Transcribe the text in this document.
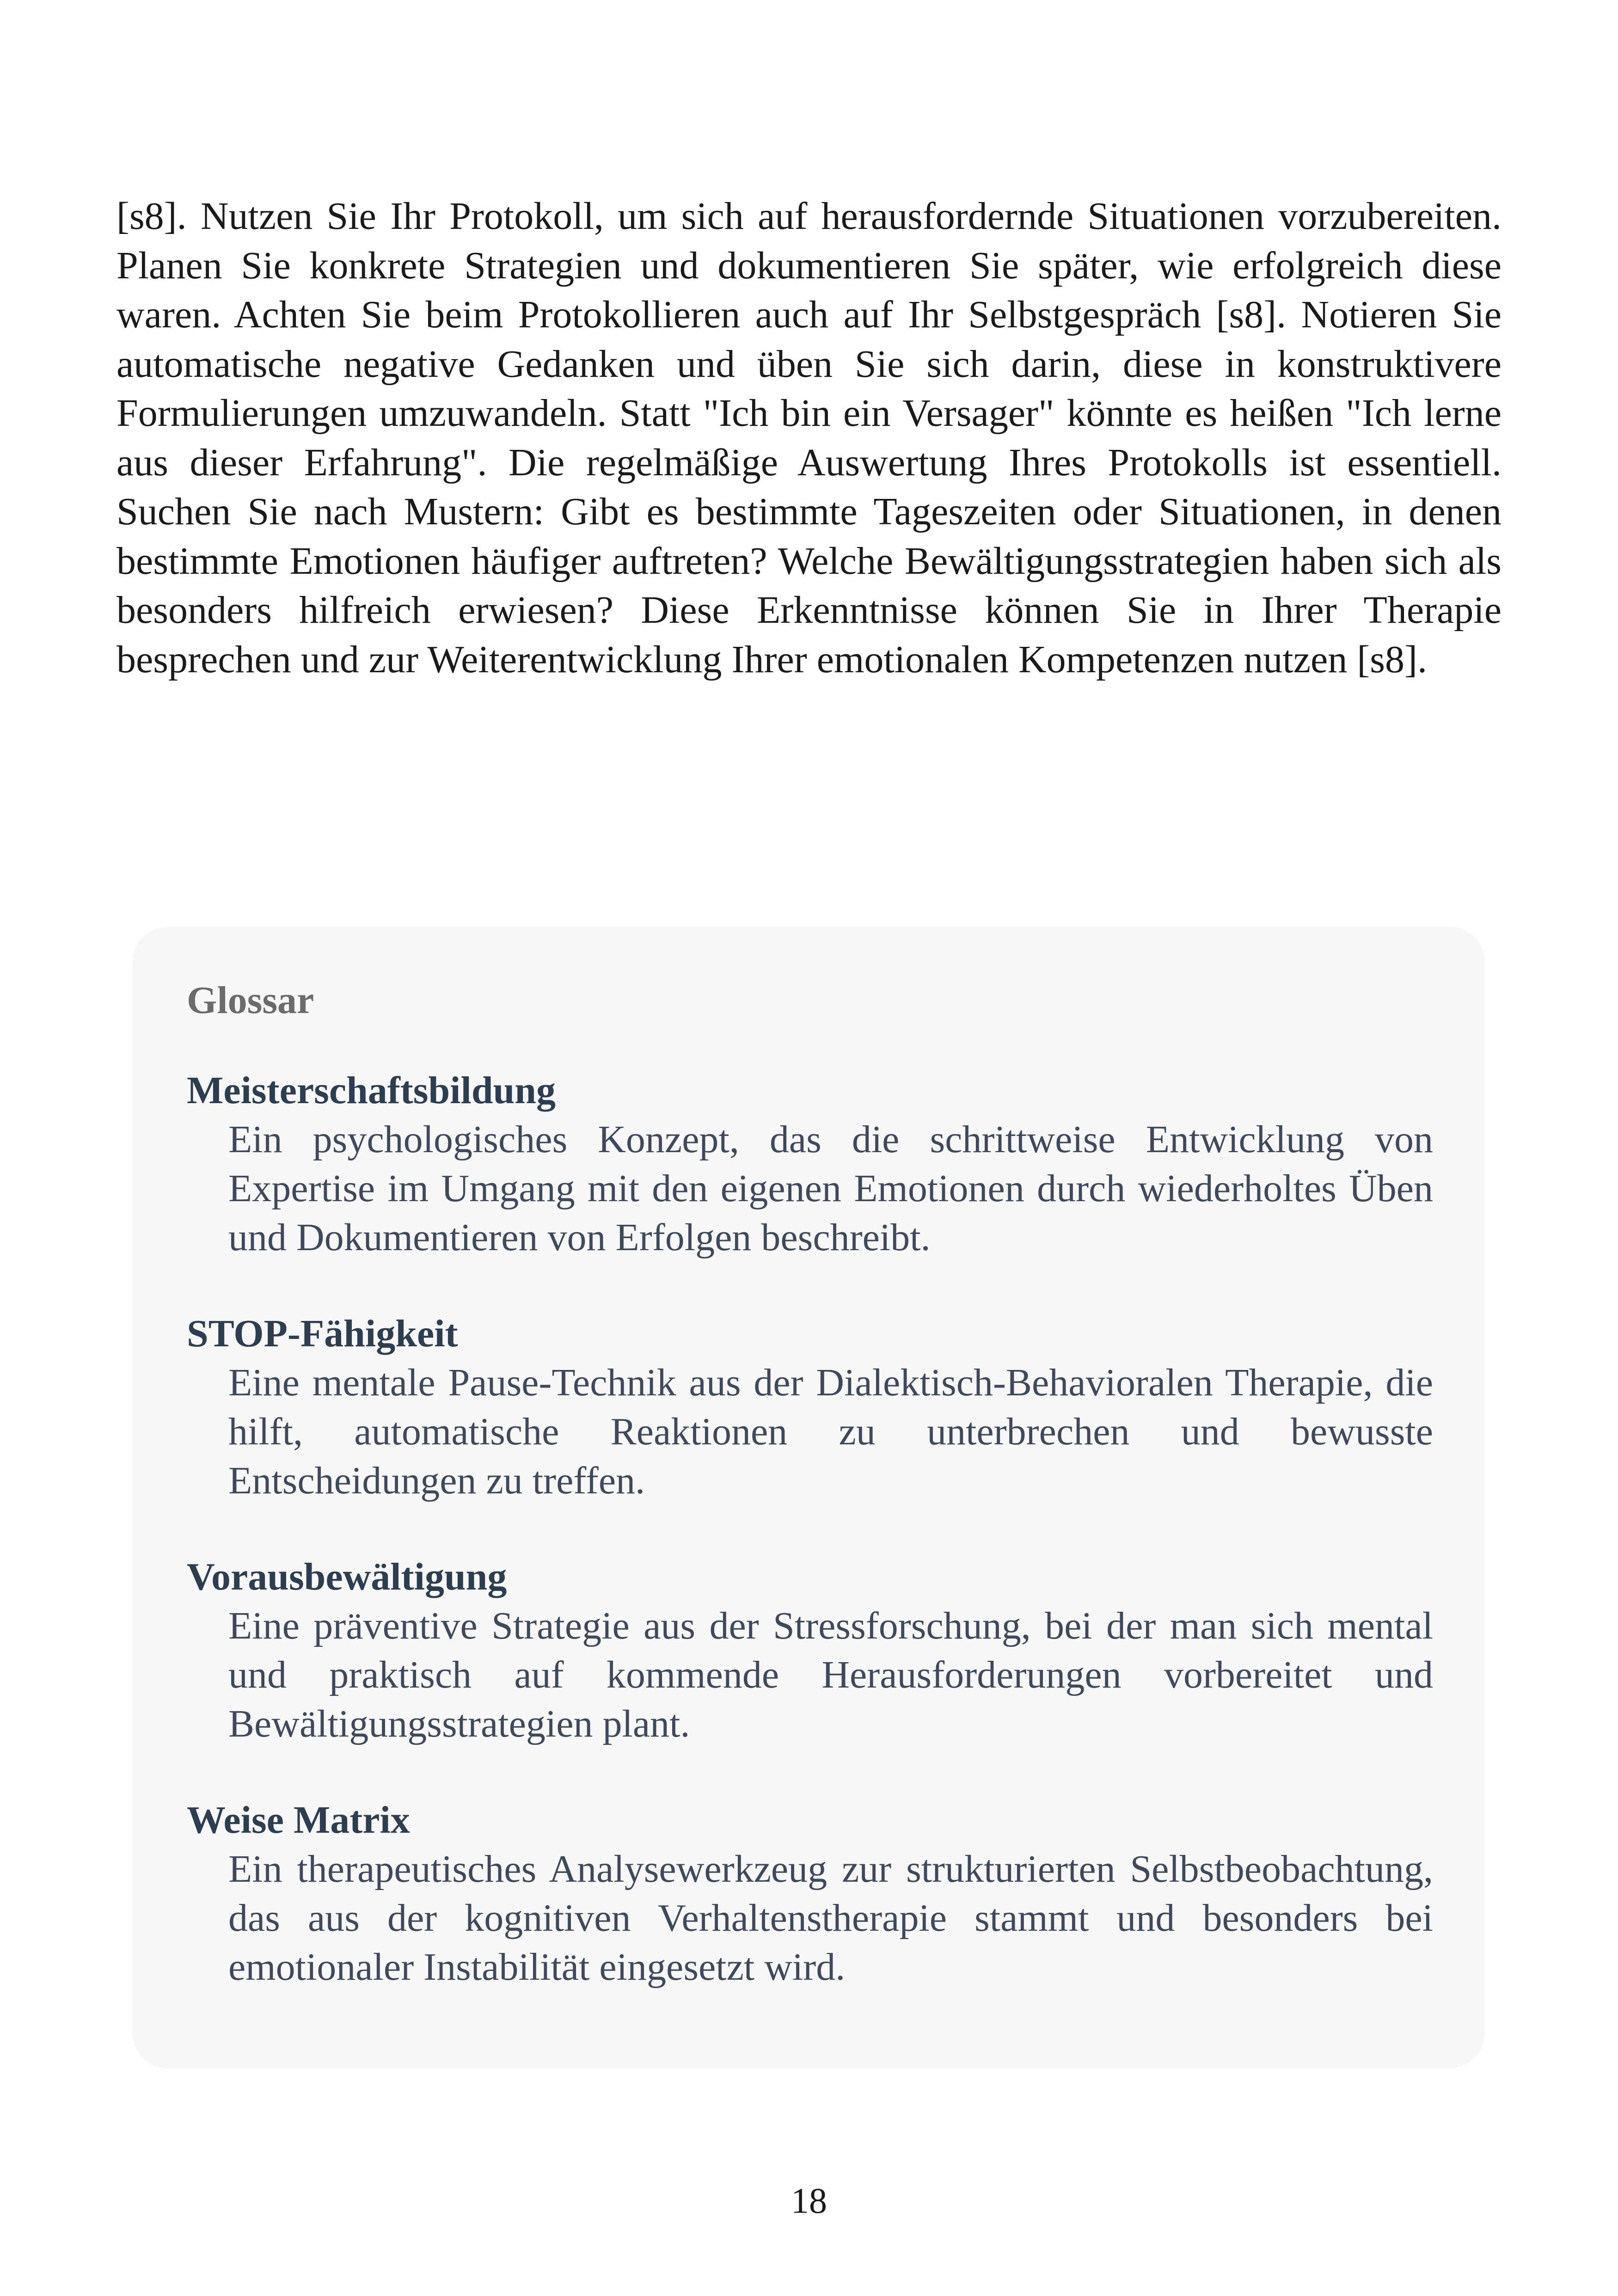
[s8]. Nutzen Sie Ihr Protokoll, um sich auf herausfordernde Situationen vorzubereiten. Planen Sie konkrete Strategien und dokumentieren Sie später, wie erfolgreich diese waren. Achten Sie beim Protokollieren auch auf Ihr Selbstgespräch [s8]. Notieren Sie automatische negative Gedanken und üben Sie sich darin, diese in konstruktivere Formulierungen umzuwandeln. Statt "Ich bin ein Versager" könnte es heißen "Ich lerne aus dieser Erfahrung". Die regelmäßige Auswertung Ihres Protokolls ist essentiell. Suchen Sie nach Mustern: Gibt es bestimmte Tageszeiten oder Situationen, in denen bestimmte Emotionen häufiger auftreten? Welche Bewältigungsstrategien haben sich als besonders hilfreich erwiesen? Diese Erkenntnisse können Sie in Ihrer Therapie besprechen und zur Weiterentwicklung Ihrer emotionalen Kompetenzen nutzen [s8].

Glossar

Meisterschaftsbildung

Ein psychologisches Konzept, das die schrittweise Entwicklung von Expertise im Umgang mit den eigenen Emotionen durch wiederholtes Üben und Dokumentieren von Erfolgen beschreibt.

STOP-Fähigkeit

Eine mentale Pause-Technik aus der Dialektisch-Behavioralen Therapie, die hilft, automatische Reaktionen zu unterbrechen und bewusste Entscheidungen zu treffen.

Vorausbewältigung

Eine präventive Strategie aus der Stressforschung, bei der man sich mental und praktisch auf kommende Herausforderungen vorbereitet und Bewältigungsstrategien plant.

Weise Matrix

Ein therapeutisches Analysewerkzeug zur strukturierten Selbstbeobachtung, das aus der kognitiven Verhaltenstherapie stammt und besonders bei emotionaler Instabilität eingesetzt wird.

18
